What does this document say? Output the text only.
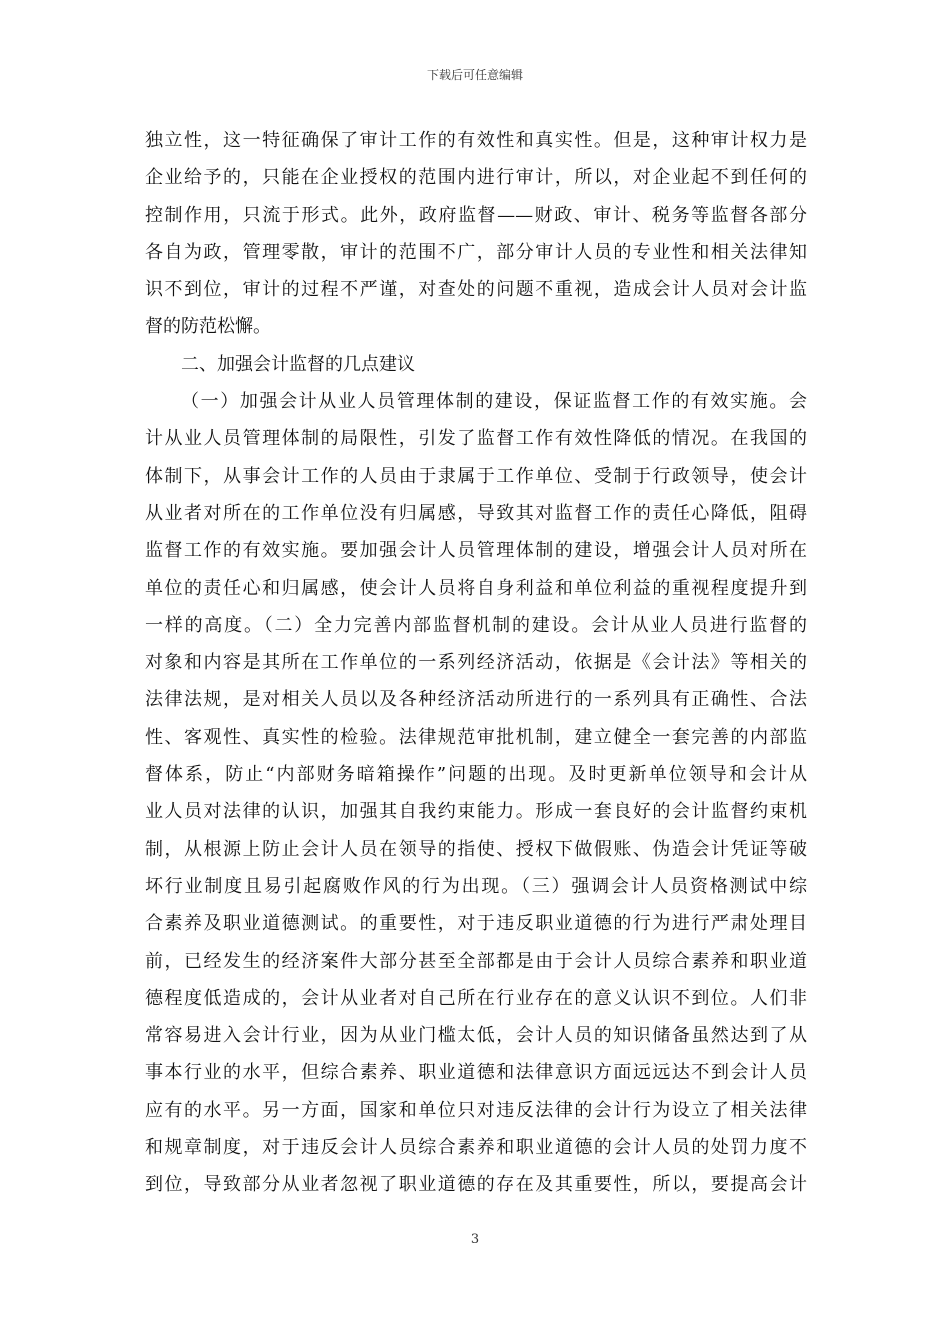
下载后可任意编辑
独立性，这一特征确保了审计工作的有效性和真实性。但是，这种审计权力是
企业给予的，只能在企业授权的范围内进行审计，所以，对企业起不到任何的
控制作用，只流于形式。此外，政府监督——财政、审计、税务等监督各部分
各自为政，管理零散，审计的范围不广，部分审计人员的专业性和相关法律知
识不到位，审计的过程不严谨，对查处的问题不重视，造成会计人员对会计监
督的防范松懈。
二、加强会计监督的几点建议
（一）加强会计从业人员管理体制的建设，保证监督工作的有效实施。会
计从业人员管理体制的局限性，引发了监督工作有效性降低的情况。在我国的
体制下，从事会计工作的人员由于隶属于工作单位、受制于行政领导，使会计
从业者对所在的工作单位没有归属感，导致其对监督工作的责任心降低，阻碍
监督工作的有效实施。要加强会计人员管理体制的建设，增强会计人员对所在
单位的责任心和归属感，使会计人员将自身利益和单位利益的重视程度提升到
一样的高度。（二）全力完善内部监督机制的建设。会计从业人员进行监督的
对象和内容是其所在工作单位的一系列经济活动，依据是《会计法》等相关的
法律法规，是对相关人员以及各种经济活动所进行的一系列具有正确性、合法
性、客观性、真实性的检验。法律规范审批机制，建立健全一套完善的内部监
督体系，防止“内部财务暗箱操作”问题的出现。及时更新单位领导和会计从
业人员对法律的认识，加强其自我约束能力。形成一套良好的会计监督约束机
制，从根源上防止会计人员在领导的指使、授权下做假账、伪造会计凭证等破
坏行业制度且易引起腐败作风的行为出现。（三）强调会计人员资格测试中综
合素养及职业道德测试。的重要性，对于违反职业道德的行为进行严肃处理目
前，已经发生的经济案件大部分甚至全部都是由于会计人员综合素养和职业道
德程度低造成的，会计从业者对自己所在行业存在的意义认识不到位。人们非
常容易进入会计行业，因为从业门槛太低，会计人员的知识储备虽然达到了从
事本行业的水平，但综合素养、职业道德和法律意识方面远远达不到会计人员
应有的水平。另一方面，国家和单位只对违反法律的会计行为设立了相关法律
和规章制度，对于违反会计人员综合素养和职业道德的会计人员的处罚力度不
到位，导致部分从业者忽视了职业道德的存在及其重要性，所以，要提高会计
3
